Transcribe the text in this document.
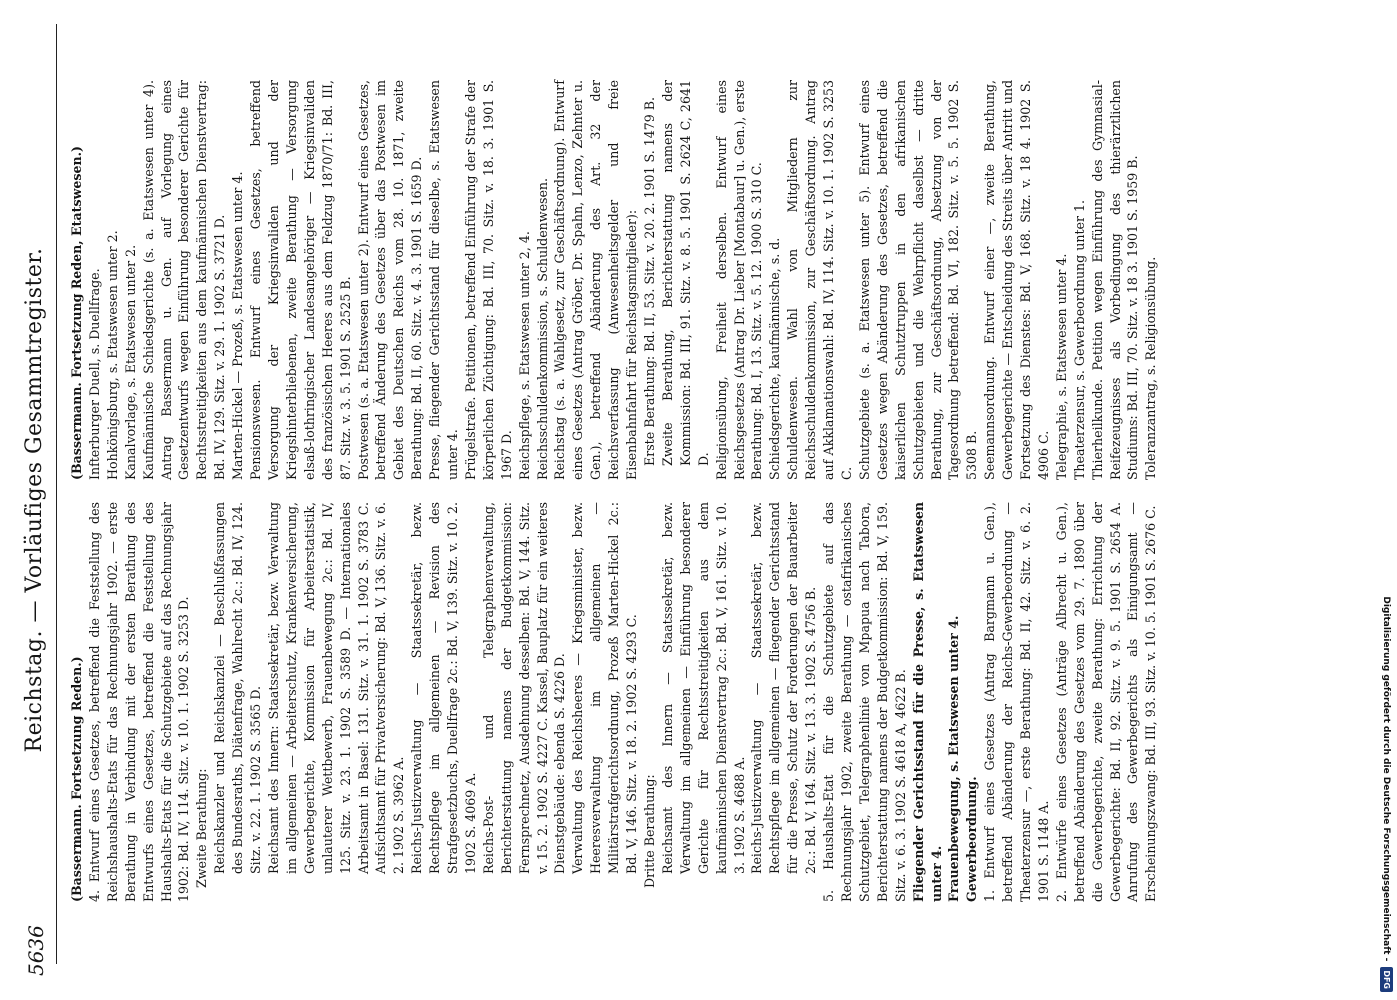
5636
Reichstag. — Vorläufiges Gesammtregister.

(Bassermann. Fortsetzung Reden.) 4. Entwurf eines Gesetzes, betreffend die Feststellung des Reichshaushalts-Etats für das Rechnungsjahr 1902. — erste Berathung in Verbindung mit der ersten Berathung des Entwurfs eines Gesetzes, betreffend die Feststellung des Haushalts-Etats für die Schutzgebiete auf das Rechnungsjahr 1902: Bd. IV, 114. Sitz. v. 10. 1. 1902 S. 3253 D. Zweite Berathung: Reichskanzler und Reichskanzlei — Beschlußfassungen des Bundesraths, Diätenfrage, Wahlrecht 2c.: Bd. IV, 124. Sitz. v. 22. 1. 1902 S. 3565 D. Reichsamt des Innern: Staatssekretär, bezw. Verwaltung im allgemeinen — Arbeiterschutz, Krankenversicherung, Gewerbegerichte, Kommission für Arbeiterstatistik, unlauterer Wettbewerb, Frauenbewegung 2c.: Bd. IV, 125. Sitz. v. 23. 1. 1902 S. 3589 D. — Internationales Arbeitsamt in Basel: 131. Sitz. v. 31. 1. 1902 S. 3783 C. Aufsichtsamt für Privatversicherung: Bd. V, 136. Sitz. v. 6. 2. 1902 S. 3962 A. Reichs-Justizverwaltung — Staatssekretär, bezw. Rechtspflege im allgemeinen — Revision des Strafgesetzbuchs, Duellfrage 2c.: Bd. V, 139. Sitz. v. 10. 2. 1902 S. 4069 A. Reichs-Post- und Telegraphenverwaltung, Berichterstattung namens der Budgetkommission: Fernsprechnetz, Ausdehnung desselben: Bd. V, 144. Sitz. v. 15. 2. 1902 S. 4227 C. Kassel, Bauplatz für ein weiteres Dienstgebäude: ebenda S. 4226 D. Verwaltung des Reichsheeres — Kriegsminister, bezw. Heeresverwaltung im allgemeinen — Militärstrafgerichtsordnung, Prozeß Marten-Hickel 2c.: Bd. V, 146. Sitz. v. 18. 2. 1902 S. 4293 C. Dritte Berathung: Reichsamt des Innern — Staatssekretär, bezw. Verwaltung im allgemeinen — Einführung besonderer Gerichte für Rechtsstreitigkeiten aus dem kaufmännischen Dienstvertrag 2c.: Bd. V, 161. Sitz. v. 10. 3. 1902 S. 4688 A. Reichs-Justizverwaltung — Staatssekretär, bezw. Rechtspflege im allgemeinen — fliegender Gerichtsstand für die Presse, Schutz der Forderungen der Bauarbeiter 2c.: Bd. V, 164. Sitz. v. 13. 3. 1902 S. 4756 B. 5. Haushalts-Etat für die Schutzgebiete auf das Rechnungsjahr 1902, zweite Berathung — ostafrikanisches Schutzgebiet, Telegraphenlinie von Mpapua nach Tabora, Berichterstattung namens der Budgetkommission: Bd. V, 159. Sitz. v. 6. 3. 1902 S. 4618 A, 4622 B. Fliegender Gerichtsstand für die Presse, s. Etatswesen unter 4. Frauenbewegung, s. Etatswesen unter 4. Gewerbeordnung. 1. Entwurf eines Gesetzes (Antrag Bargmann u. Gen.), betreffend Abänderung der Reichs-Gewerbeordnung — Theaterzensur —, erste Berathung: Bd. II, 42. Sitz. v. 6. 2. 1901 S. 1148 A. 2. Entwürfe eines Gesetzes (Anträge Albrecht u. Gen.), betreffend Abänderung des Gesetzes vom 29. 7. 1890 über die Gewerbegerichte, zweite Berathung: Errichtung der Gewerbegerichte: Bd. II, 92. Sitz. v. 9. 5. 1901 S. 2654 A. Anrufung des Gewerbegerichts als Einigungsamt — Erscheinungszwang: Bd. III, 93. Sitz. v. 10. 5. 1901 S. 2676 C.

(Bassermann. Fortsetzung Reden, Etatswesen.) Infterburger Duell, s. Duellfrage. Hohkönigsburg, s. Etatswesen unter 2. Kanalvorlage, s. Etatswesen unter 2. Kaufmännische Schiedsgerichte (s. a. Etatswesen unter 4). Antrag Bassermann u. Gen. auf Vorlegung eines Gesetzentwurfs wegen Einführung besonderer Gerichte für Rechtsstreitigkeiten aus dem kaufmännischen Dienstvertrag: Bd. IV, 129. Sitz. v. 29. 1. 1902 S. 3721 D. Marten-Hickel — Prozeß, s. Etatswesen unter 4. Pensionswesen. Entwurf eines Gesetzes, betreffend Versorgung der Kriegsinvaliden und der Kriegshinterbliebenen, zweite Berathung — Versorgung elsaß-lothringischer Landesangehöriger — Kriegsinvaliden des französischen Heeres aus dem Feldzug 1870/71: Bd. III, 87. Sitz. v. 3. 5. 1901 S. 2525 B. Postwesen (s. a. Etatswesen unter 2). Entwurf eines Gesetzes, betreffend Änderung des Gesetzes über das Postwesen im Gebiet des Deutschen Reichs vom 28. 10. 1871, zweite Berathung: Bd. II, 60. Sitz. v. 4. 3. 1901 S. 1659 D. Presse, fliegender Gerichtsstand für dieselbe, s. Etatswesen unter 4. Prügelstrafe. Petitionen, betreffend Einführung der Strafe der körperlichen Züchtigung: Bd. III, 70. Sitz. v. 18. 3. 1901 S. 1967 D. Reichspflege, s. Etatswesen unter 2, 4. Reichsschuldenkommission, s. Schuldenwesen. Reichstag (s. a. Wahlgesetz, zur Geschäftsordnung). Entwurf eines Gesetzes (Antrag Gröber, Dr. Spahn, Lenzo, Zehnter u. Gen.), betreffend Abänderung des Art. 32 der Reichsverfassung (Anwesenheitsgelder und freie Eisenbahnfahrt für Reichstagsmitglieder): Erste Berathung: Bd. II, 53. Sitz. v. 20. 2. 1901 S. 1479 B. Zweite Berathung, Berichterstattung namens der Kommission: Bd. III, 91. Sitz. v. 8. 5. 1901 S. 2624 C, 2641 D. Religionsübung, Freiheit derselben. Entwurf eines Reichsgesetzes (Antrag Dr. Lieber [Montabaur] u. Gen.), erste Berathung: Bd. I, 13. Sitz. v. 5. 12. 1900 S. 310 C. Schiedsgerichte, kaufmännische, s. d. Schuldenwesen. Wahl von Mitgliedern zur Reichsschuldenkommission, zur Geschäftsordnung. Antrag auf Akklamationswahl: Bd. IV, 114. Sitz. v. 10. 1. 1902 S. 3253 C. Schutzgebiete (s. a. Etatswesen unter 5). Entwurf eines Gesetzes wegen Abänderung des Gesetzes, betreffend die kaiserlichen Schutztruppen in den afrikanischen Schutzgebieten und die Wehrpflicht daselbst — dritte Berathung, zur Geschäftsordnung, Absetzung von der Tagesordnung betreffend: Bd. VI, 182. Sitz. v. 5. 5. 1902 S. 5308 B. Seemannsordnung. Entwurf einer —, zweite Berathung, Gewerbegerichte — Entscheidung des Streits über Antritt und Fortsetzung des Dienstes: Bd. V, 168. Sitz. v. 18 4. 1902 S. 4906 C. Telegraphie, s. Etatswesen unter 4. Theaterzensur, s. Gewerbeordnung unter 1. Thierheilkunde. Petition wegen Einführung des Gymnasial-Reifezeugnisses als Vorbedingung des thierärztlichen Studiums: Bd. III, 70. Sitz. v. 18 3. 1901 S. 1959 B. Toleranzantrag, s. Religionsübung.

Digitalisierung gefördert durch die Deutsche Forschungsgemeinschaft -DFG
